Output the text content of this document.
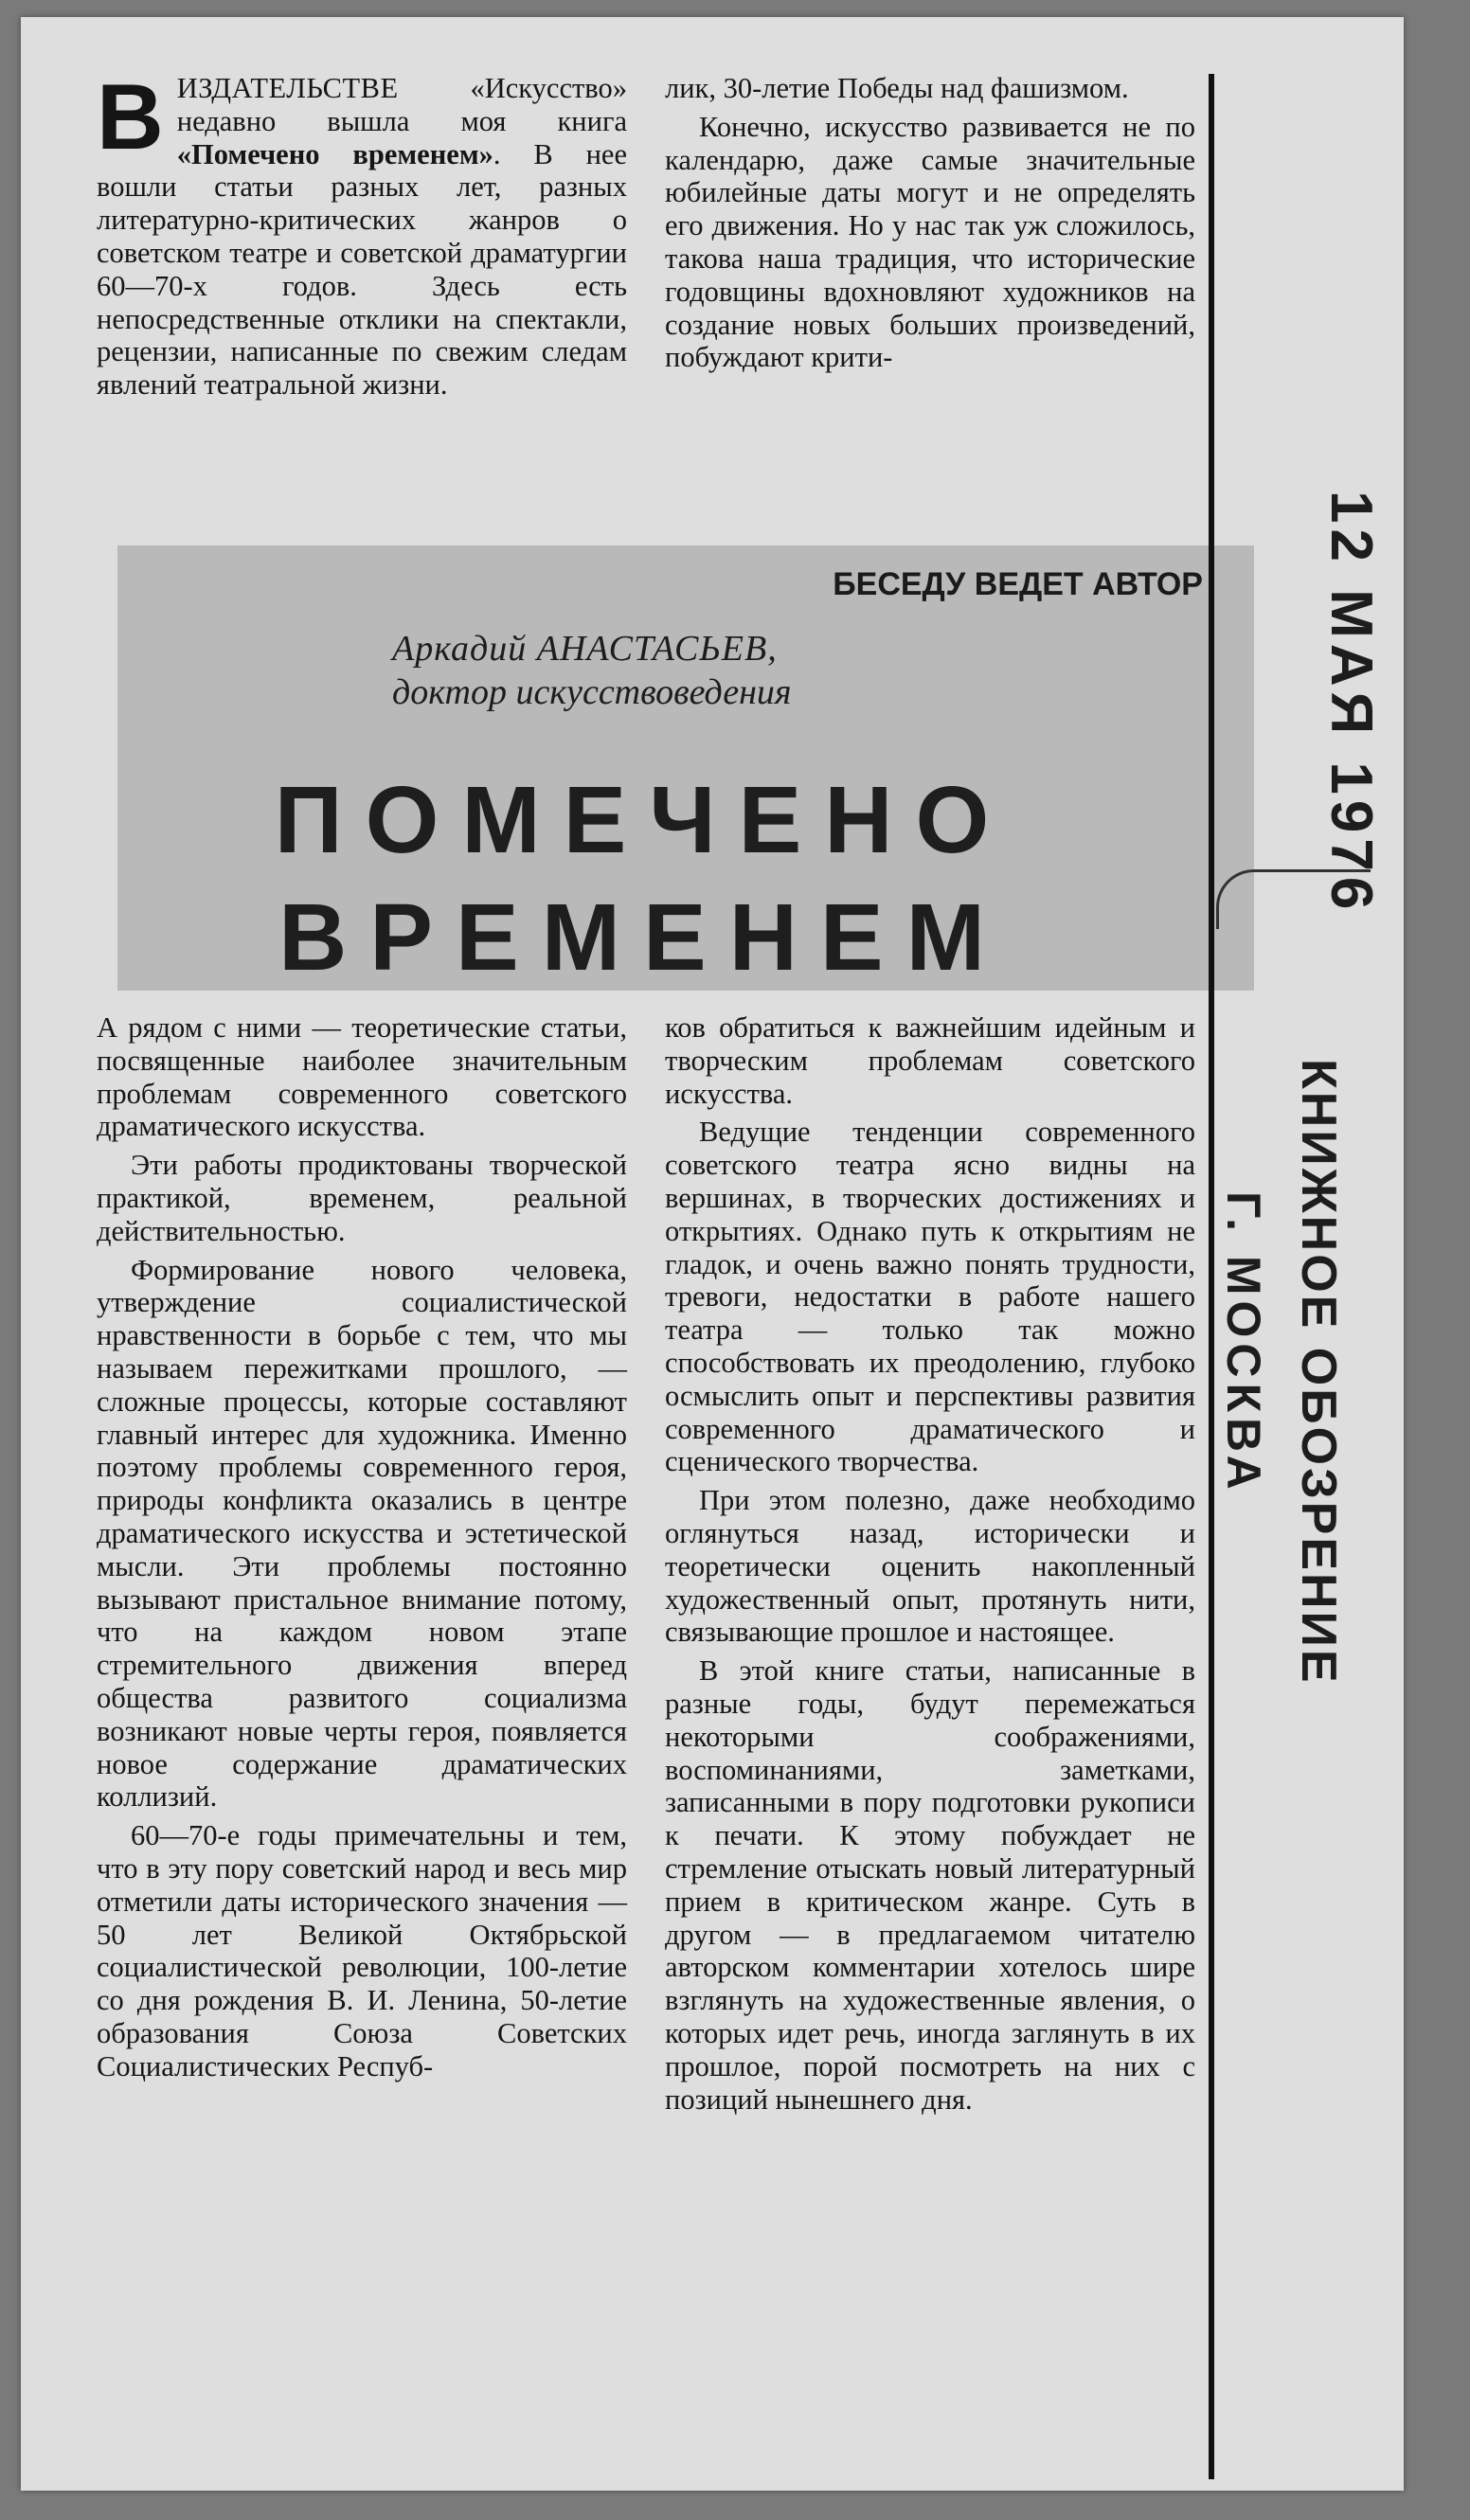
ВИЗДАТЕЛЬСТВЕ «Искусство» недавно вышла моя книга «Помечено временем». В нее вошли статьи разных лет, разных литературно-критических жанров о советском театре и советской драматургии 60—70-х годов. Здесь есть непосредственные отклики на спектакли, рецензии, написанные по свежим следам явлений театральной жизни.

лик, 30-летие Победы над фашизмом.

Конечно, искусство развивается не по календарю, даже самые значительные юбилейные даты могут и не определять его движения. Но у нас так уж сложилось, такова наша традиция, что исторические годовщины вдохновляют художников на создание новых больших произведений, побуждают крити-

БЕСЕДУ ВЕДЕТ АВТОР
Аркадий АНАСТАСЬЕВ,
доктор искусствоведения
ПОМЕЧЕНО
ВРЕМЕНЕМ

А рядом с ними — теоретические статьи, посвященные наиболее значительным проблемам современного советского драматического искусства.

Эти работы продиктованы творческой практикой, временем, реальной действительностью.

Формирование нового человека, утверждение социалистической нравственности в борьбе с тем, что мы называем пережитками прошлого, — сложные процессы, которые составляют главный интерес для художника. Именно поэтому проблемы современного героя, природы конфликта оказались в центре драматического искусства и эстетической мысли. Эти проблемы постоянно вызывают пристальное внимание потому, что на каждом новом этапе стремительного движения вперед общества развитого социализма возникают новые черты героя, появляется новое содержание драматических коллизий.

60—70-е годы примечательны и тем, что в эту пору советский народ и весь мир отметили даты исторического значения — 50 лет Великой Октябрьской социалистической революции, 100-летие со дня рождения В. И. Ленина, 50-летие образования Союза Советских Социалистических Респуб-

ков обратиться к важнейшим идейным и творческим проблемам советского искусства.

Ведущие тенденции современного советского театра ясно видны на вершинах, в творческих достижениях и открытиях. Однако путь к открытиям не гладок, и очень важно понять трудности, тревоги, недостатки в работе нашего театра — только так можно способствовать их преодолению, глубоко осмыслить опыт и перспективы развития современного драматического и сценического творчества.

При этом полезно, даже необходимо оглянуться назад, исторически и теоретически оценить накопленный художественный опыт, протянуть нити, связывающие прошлое и настоящее.

В этой книге статьи, написанные в разные годы, будут перемежаться некоторыми соображениями, воспоминаниями, заметками, записанными в пору подготовки рукописи к печати. К этому побуждает не стремление отыскать новый литературный прием в критическом жанре. Суть в другом — в предлагаемом читателю авторском комментарии хотелось шире взглянуть на художественные явления, о которых идет речь, иногда заглянуть в их прошлое, порой посмотреть на них с позиций нынешнего дня.

12 МАЯ 1976
КНИЖНОЕ ОБОЗРЕНИЕ
Г. МОСКВА
